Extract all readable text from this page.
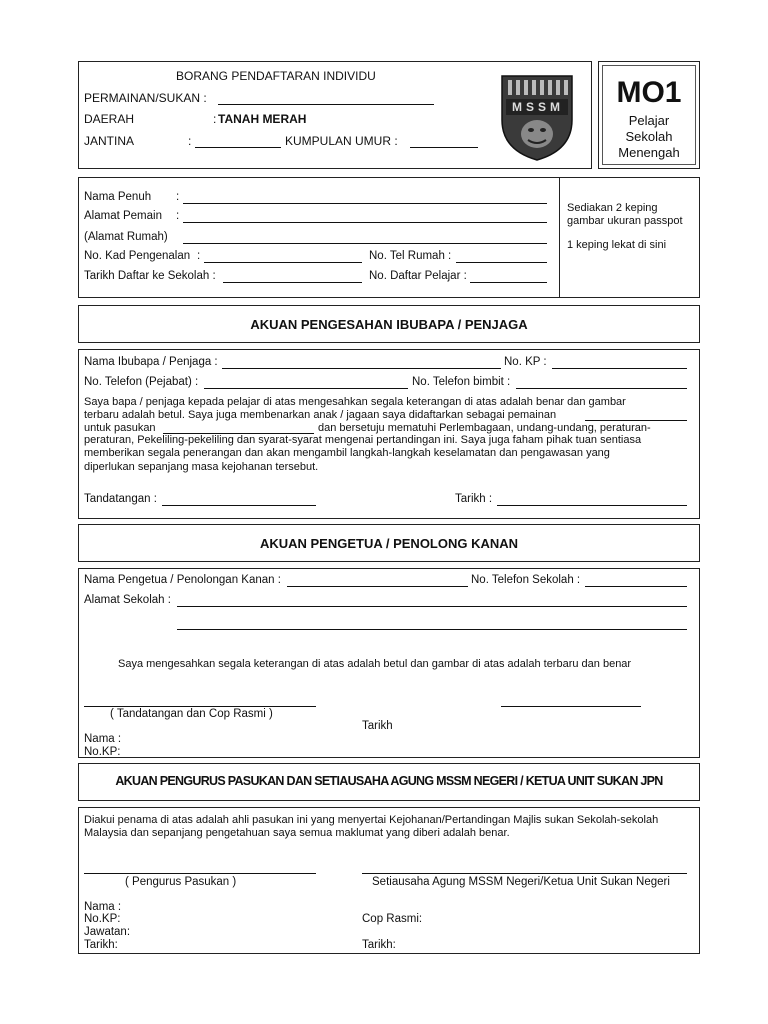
BORANG PENDAFTARAN INDIVIDU
PERMAINAN/SUKAN :
DAERAH	: TANAH MERAH
JANTINA	:	KUMPULAN UMUR :
MSSM	MO1
Pelajar
Sekolah
Menengah
Nama Penuh :
Alamat Pemain :
(Alamat Rumah)
No. Kad Pengenalan :	No. Tel Rumah :
Tarikh Daftar ke Sekolah :	No. Daftar Pelajar :
Sediakan 2 keping gambar ukuran passpot
1 keping lekat di sini
AKUAN PENGESAHAN IBUBAPA / PENJAGA
Nama Ibubapa / Penjaga :	No. KP :
No. Telefon (Pejabat) :	No. Telefon bimbit :
Saya bapa / penjaga kepada pelajar di atas mengesahkan segala keterangan di atas adalah benar dan gambar
terbaru adalah betul. Saya juga membenarkan anak / jagaan saya didaftarkan sebagai pemainan
untuk pasukan	dan bersetuju mematuhi Perlembagaan, undang-undang, peraturan-
peraturan, Pekeliling-pekeliling dan syarat-syarat mengenai pertandingan ini. Saya juga faham pihak tuan sentiasa
memberikan segala penerangan dan akan mengambil langkah-langkah keselamatan dan pengawasan yang
diperlukan sepanjang masa kejohanan tersebut.
Tandatangan :	Tarikh :
AKUAN PENGETUA / PENOLONG KANAN
Nama Pengetua / Penolongan Kanan :	No. Telefon Sekolah :
Alamat Sekolah :
Saya mengesahkan segala keterangan di atas adalah betul dan gambar di atas adalah terbaru dan benar
( Tandatangan dan Cop Rasmi )
Tarikh
Nama :
No.KP:
AKUAN PENGURUS PASUKAN DAN SETIAUSAHA AGUNG MSSM NEGERI / KETUA UNIT SUKAN JPN
Diakui penama di atas adalah ahli pasukan ini yang menyertai Kejohanan/Pertandingan Majlis sukan Sekolah-sekolah
Malaysia dan sepanjang pengetahuan saya semua maklumat yang diberi adalah benar.
( Pengurus Pasukan )	Setiausaha Agung MSSM Negeri/Ketua Unit Sukan Negeri
Nama :
No.KP:
Jawatan:
Tarikh:
Cop Rasmi:
Tarikh:
